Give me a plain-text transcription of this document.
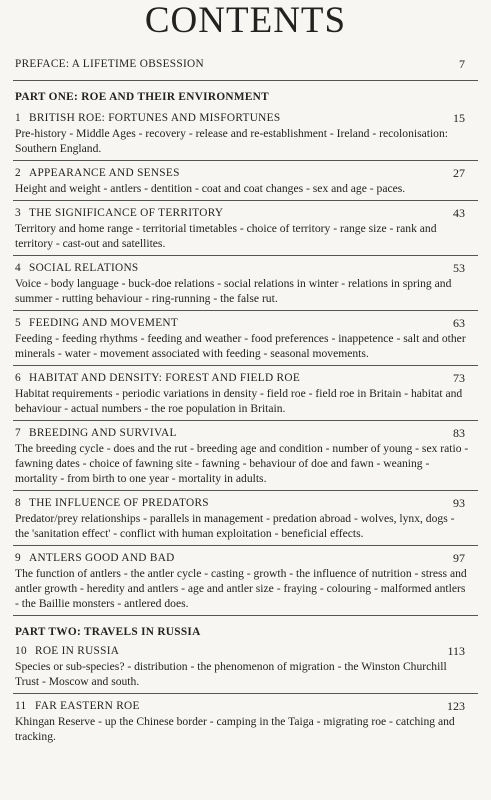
CONTENTS
PREFACE: A LIFETIME OBSESSION	7
PART ONE: ROE AND THEIR ENVIRONMENT
1 BRITISH ROE: FORTUNES AND MISFORTUNES	15
Pre-history - Middle Ages - recovery - release and re-establishment - Ireland - recolonisation: Southern England.
2 APPEARANCE AND SENSES	27
Height and weight - antlers - dentition - coat and coat changes - sex and age - paces.
3 THE SIGNIFICANCE OF TERRITORY	43
Territory and home range - territorial timetables - choice of territory - range size - rank and territory - cast-out and satellites.
4 SOCIAL RELATIONS	53
Voice - body language - buck-doe relations - social relations in winter - relations in spring and summer - rutting behaviour - ring-running - the false rut.
5 FEEDING AND MOVEMENT	63
Feeding - feeding rhythms - feeding and weather - food preferences - inappetence - salt and other minerals - water - movement associated with feeding - seasonal movements.
6 HABITAT AND DENSITY: FOREST AND FIELD ROE	73
Habitat requirements - periodic variations in density - field roe - field roe in Britain - habitat and behaviour - actual numbers - the roe population in Britain.
7 BREEDING AND SURVIVAL	83
The breeding cycle - does and the rut - breeding age and condition - number of young - sex ratio - fawning dates - choice of fawning site - fawning - behaviour of doe and fawn - weaning - mortality - from birth to one year - mortality in adults.
8 THE INFLUENCE OF PREDATORS	93
Predator/prey relationships - parallels in management - predation abroad - wolves, lynx, dogs - the 'sanitation effect' - conflict with human exploitation - beneficial effects.
9 ANTLERS GOOD AND BAD	97
The function of antlers - the antler cycle - casting - growth - the influence of nutrition - stress and antler growth - heredity and antlers - age and antler size - fraying - colouring - malformed antlers - the Baillie monsters - antlered does.
PART TWO: TRAVELS IN RUSSIA
10 ROE IN RUSSIA	113
Species or sub-species? - distribution - the phenomenon of migration - the Winston Churchill Trust - Moscow and south.
11 FAR EASTERN ROE	123
Khingan Reserve - up the Chinese border - camping in the Taiga - migrating roe - catching and tracking.
